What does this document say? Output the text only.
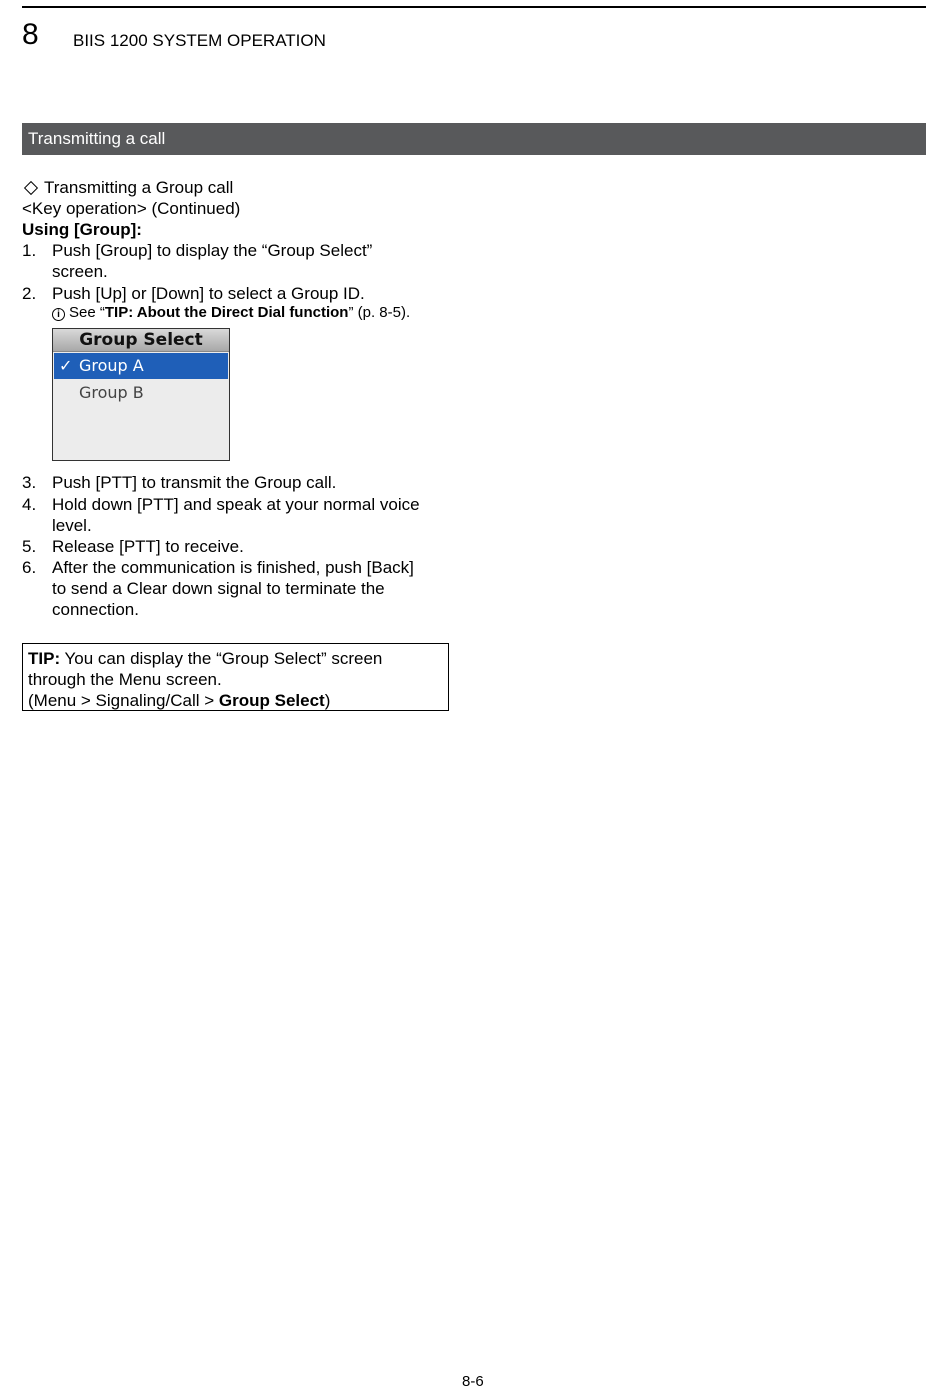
8 BIIS 1200 SYSTEM OPERATION
Transmitting a call
Transmitting a Group call
<Key operation> (Continued)
Using [Group]:
1. Push [Group] to display the “Group Select”
screen.
2. Push [Up] or [Down] to select a Group ID.
i See “TIP: About the Direct Dial function” (p. 8-5).
Group Select
✓ Group A
Group B
3. Push [PTT] to transmit the Group call.
4. Hold down [PTT] and speak at your normal voice
level.
5. Release [PTT] to receive.
6. After the communication is finished, push [Back]
to send a Clear down signal to terminate the
connection.
TIP: You can display the “Group Select” screen
through the Menu screen.
(Menu > Signaling/Call > Group Select)
8-6
